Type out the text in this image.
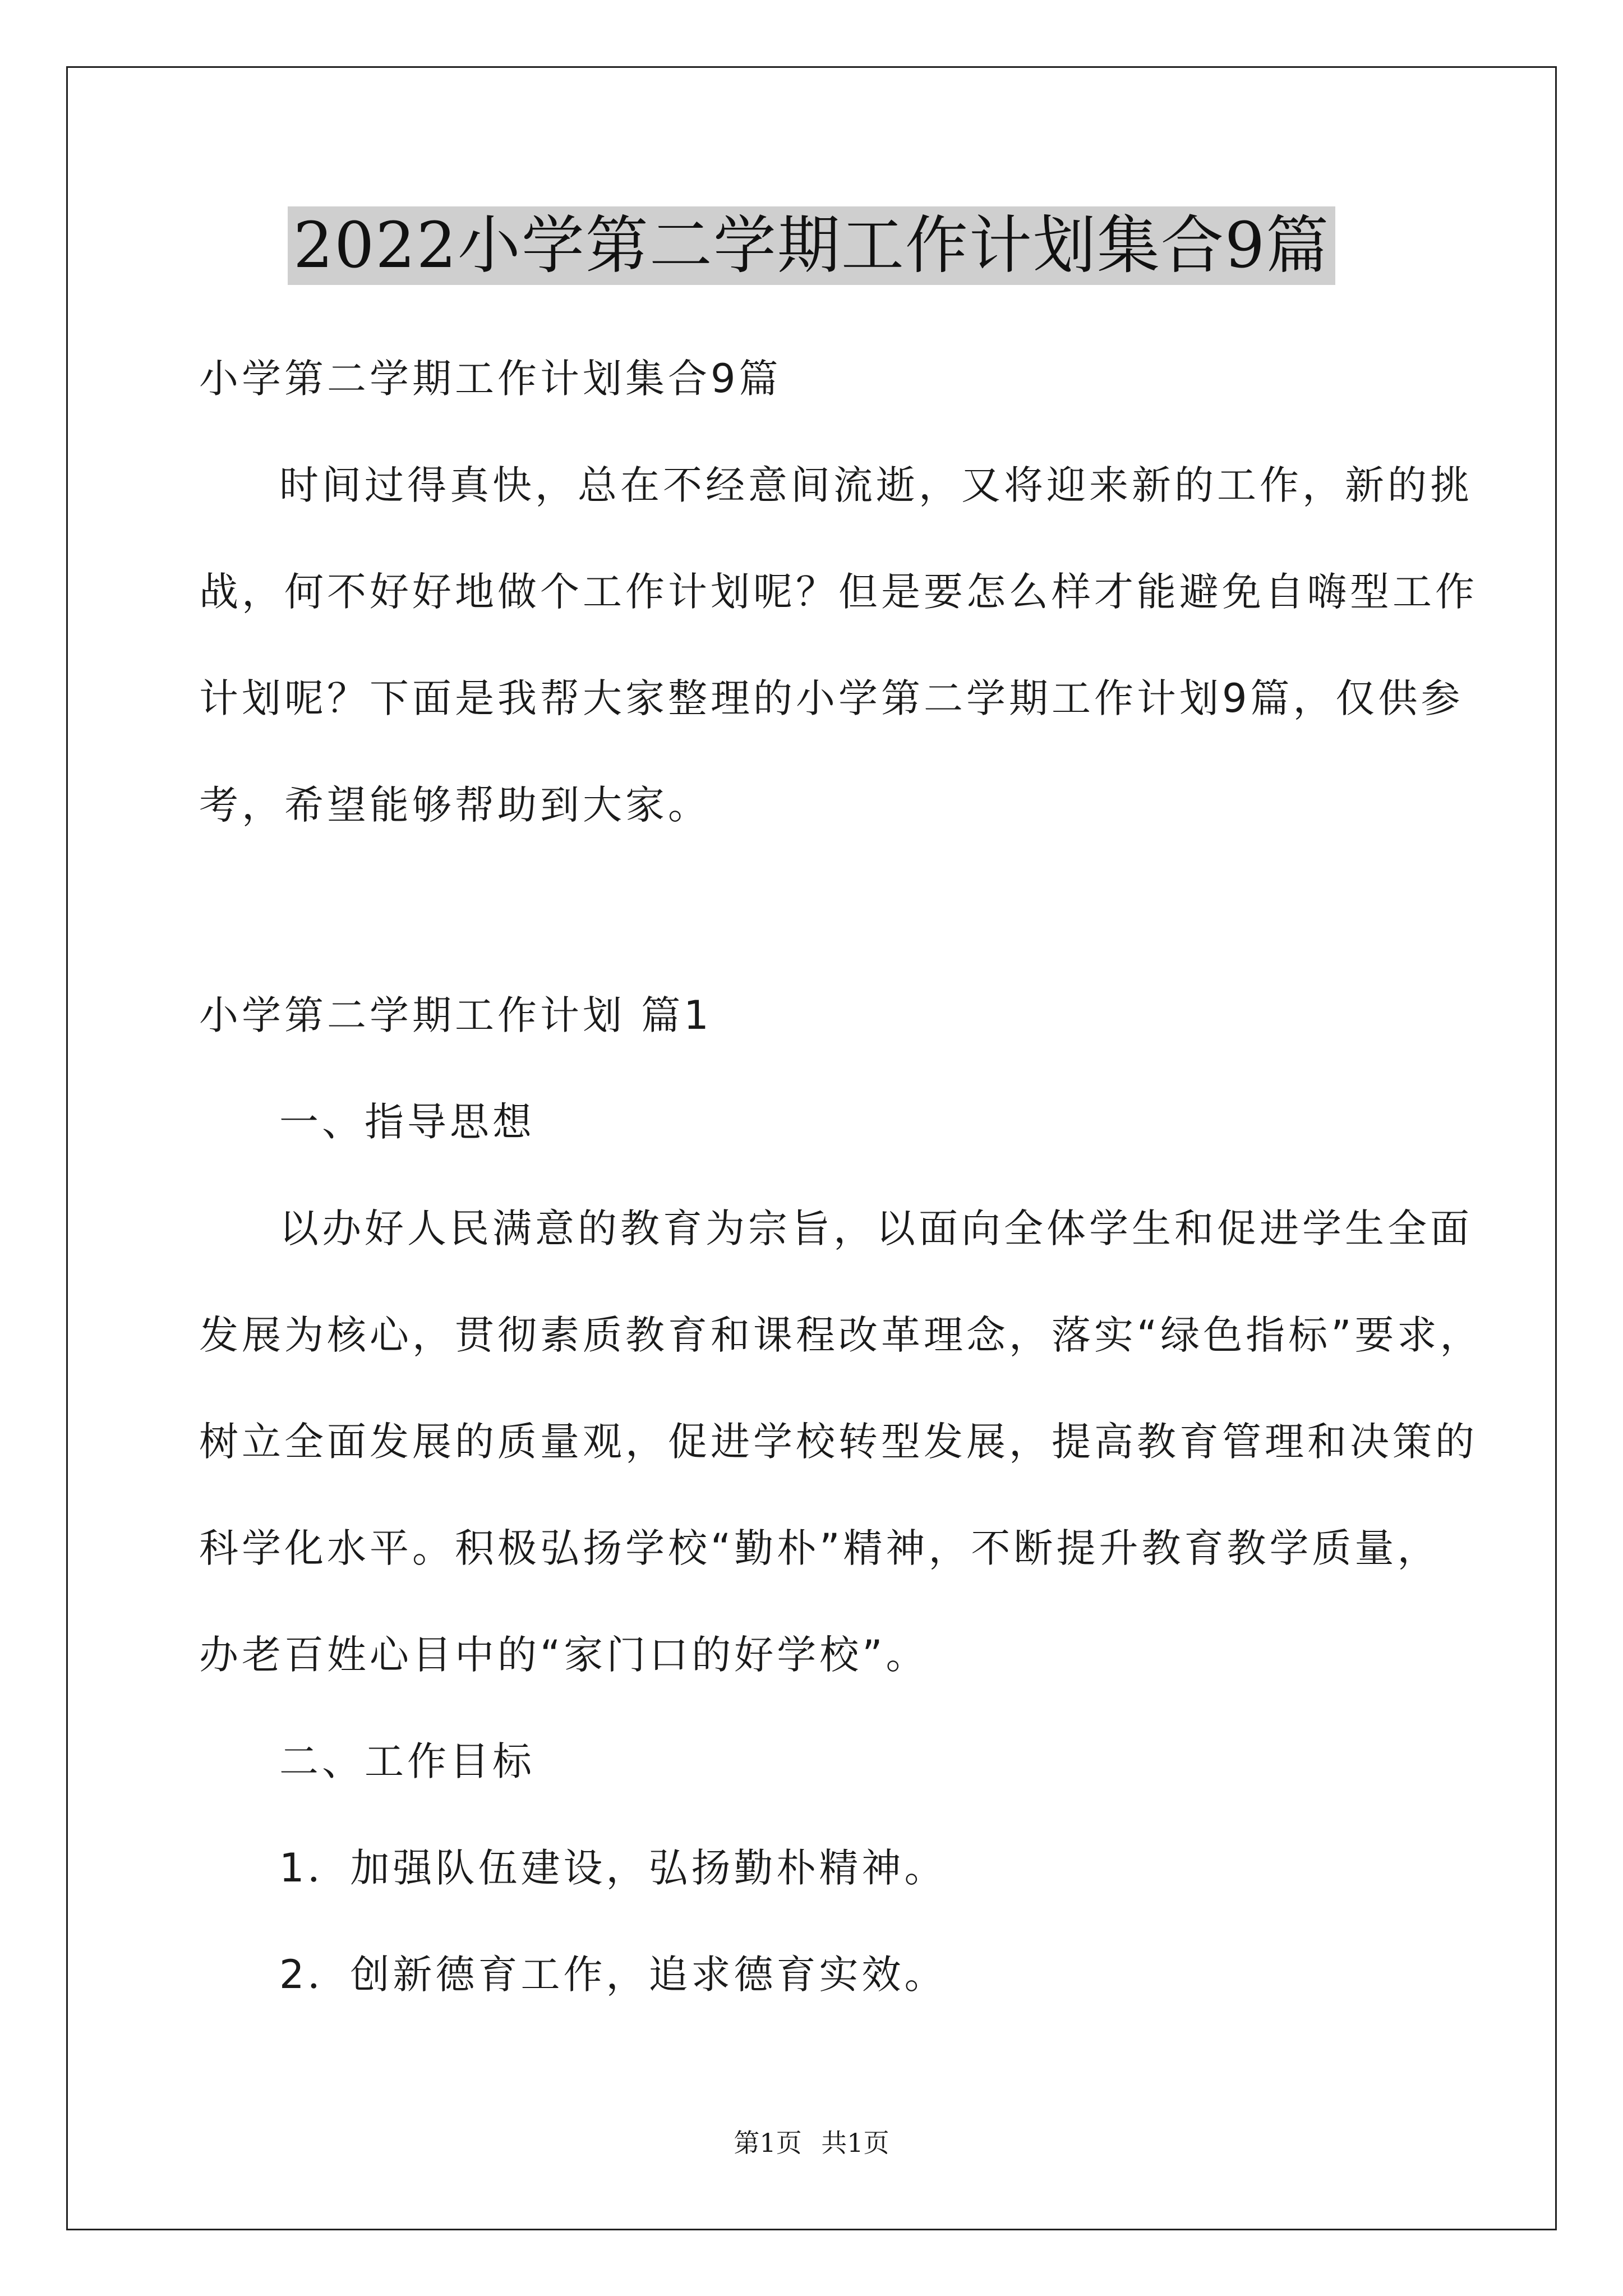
2022小学第二学期工作计划集合9篇
小学第二学期工作计划集合9篇
时间过得真快，总在不经意间流逝，又将迎来新的工作，新的挑
战，何不好好地做个工作计划呢？但是要怎么样才能避免自嗨型工作
计划呢？下面是我帮大家整理的小学第二学期工作计划9篇，仅供参
考，希望能够帮助到大家。
小学第二学期工作计划 篇1
一、指导思想
以办好人民满意的教育为宗旨，以面向全体学生和促进学生全面
发展为核心，贯彻素质教育和课程改革理念，落实“绿色指标”要求，
树立全面发展的质量观，促进学校转型发展，提高教育管理和决策的
科学化水平。积极弘扬学校“勤朴”精神，不断提升教育教学质量，
办老百姓心目中的“家门口的好学校”。
二、工作目标
1．加强队伍建设，弘扬勤朴精神。
2．创新德育工作，追求德育实效。
第1页 共1页
